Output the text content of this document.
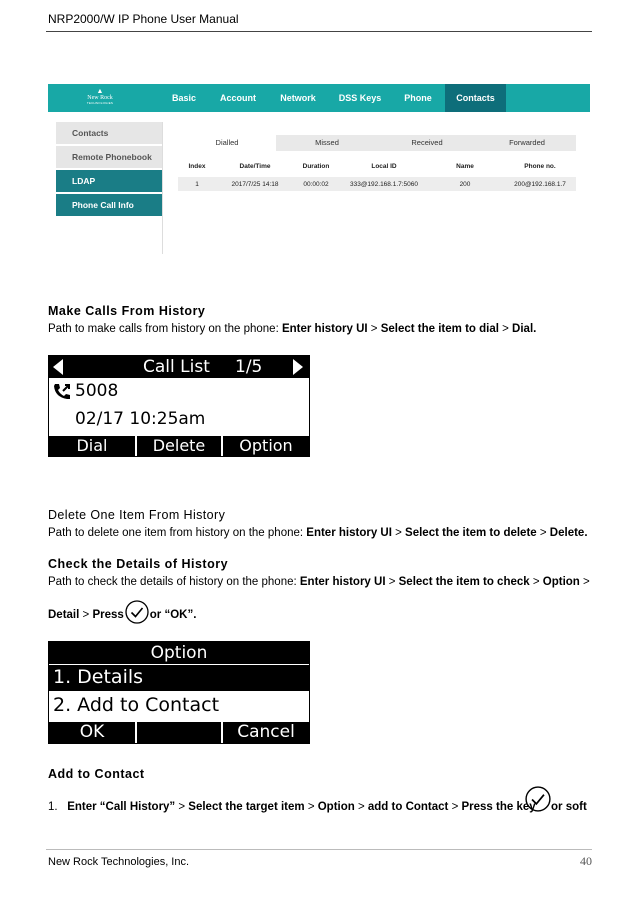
NRP2000/W IP Phone User Manual
▲
New Rock
TECHNOLOGIES	Basic	Account	Network	DSS Keys	Phone	Contacts
Contacts
Remote Phonebook
LDAP
Phone Call Info
Dialled	Missed	Received	Forwarded
Index	Date/Time	Duration	Local ID	Name	Phone no.
1	2017/7/25 14:18	00:00:02	333@192.168.1.7:5060	200	200@192.168.1.7
Make Calls From History
Path to make calls from history on the phone: Enter history UI > Select the item to dial > Dial.
Call List 1/5
5008
02/17 10:25am
Dial	Delete	Option
Delete One Item From History
Path to delete one item from history on the phone: Enter history UI > Select the item to delete > Delete.
Check the Details of History
Path to check the details of history on the phone: Enter history UI > Select the item to check > Option >
Detail > Press or “OK”.
Option
1. Details
2. Add to Contact
OK	Cancel
Add to Contact
1. Enter “Call History” > Select the target item > Option > add to Contact > Press the key or soft
New Rock Technologies, Inc.	40
